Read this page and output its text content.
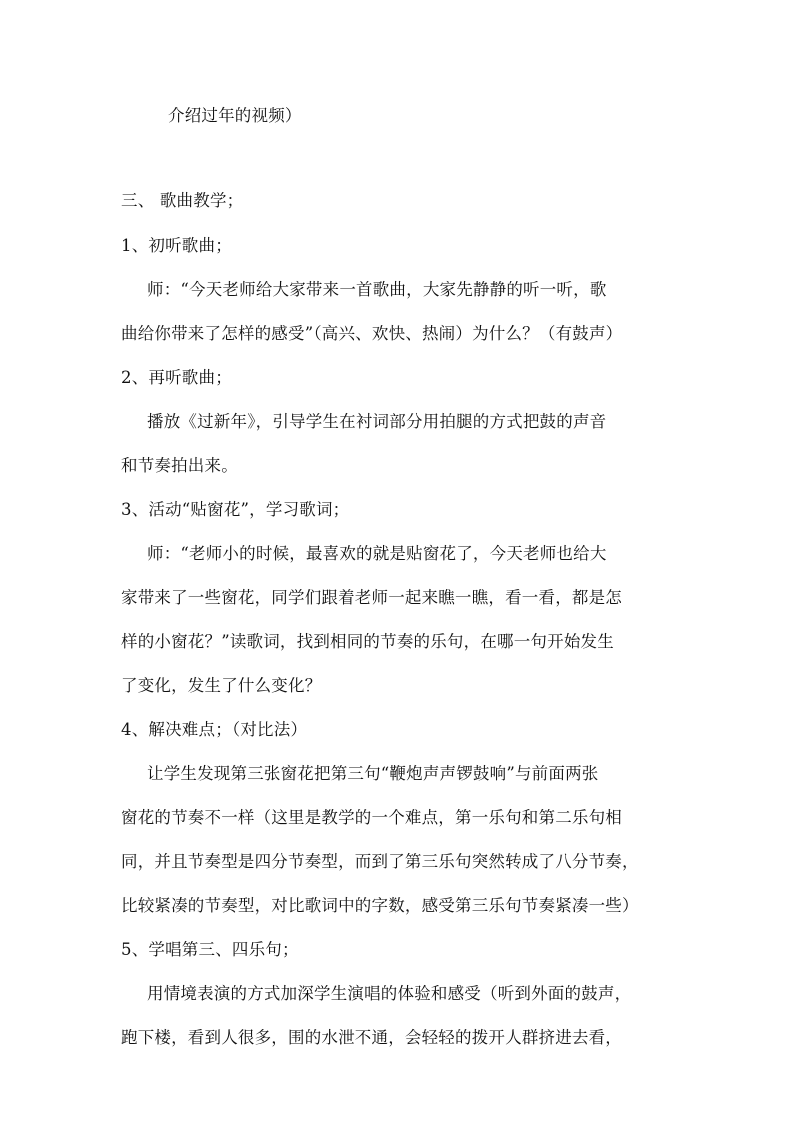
介绍过年的视频）
三、 歌曲教学；
1、初听歌曲；
师：“今天老师给大家带来一首歌曲，大家先静静的听一听，歌
曲给你带来了怎样的感受”（高兴、欢快、热闹）为什么？（有鼓声）
2、再听歌曲；
播放《过新年》，引导学生在衬词部分用拍腿的方式把鼓的声音
和节奏拍出来。
3、活动“贴窗花”，学习歌词；
师：“老师小的时候，最喜欢的就是贴窗花了，今天老师也给大
家带来了一些窗花，同学们跟着老师一起来瞧一瞧，看一看，都是怎
样的小窗花？”读歌词，找到相同的节奏的乐句，在哪一句开始发生
了变化，发生了什么变化？
4、解决难点；（对比法）
让学生发现第三张窗花把第三句“鞭炮声声锣鼓响”与前面两张
窗花的节奏不一样（这里是教学的一个难点，第一乐句和第二乐句相
同，并且节奏型是四分节奏型，而到了第三乐句突然转成了八分节奏，
比较紧凑的节奏型，对比歌词中的字数，感受第三乐句节奏紧凑一些）
5、学唱第三、四乐句；
用情境表演的方式加深学生演唱的体验和感受（听到外面的鼓声，
跑下楼，看到人很多，围的水泄不通，会轻轻的拨开人群挤进去看，
